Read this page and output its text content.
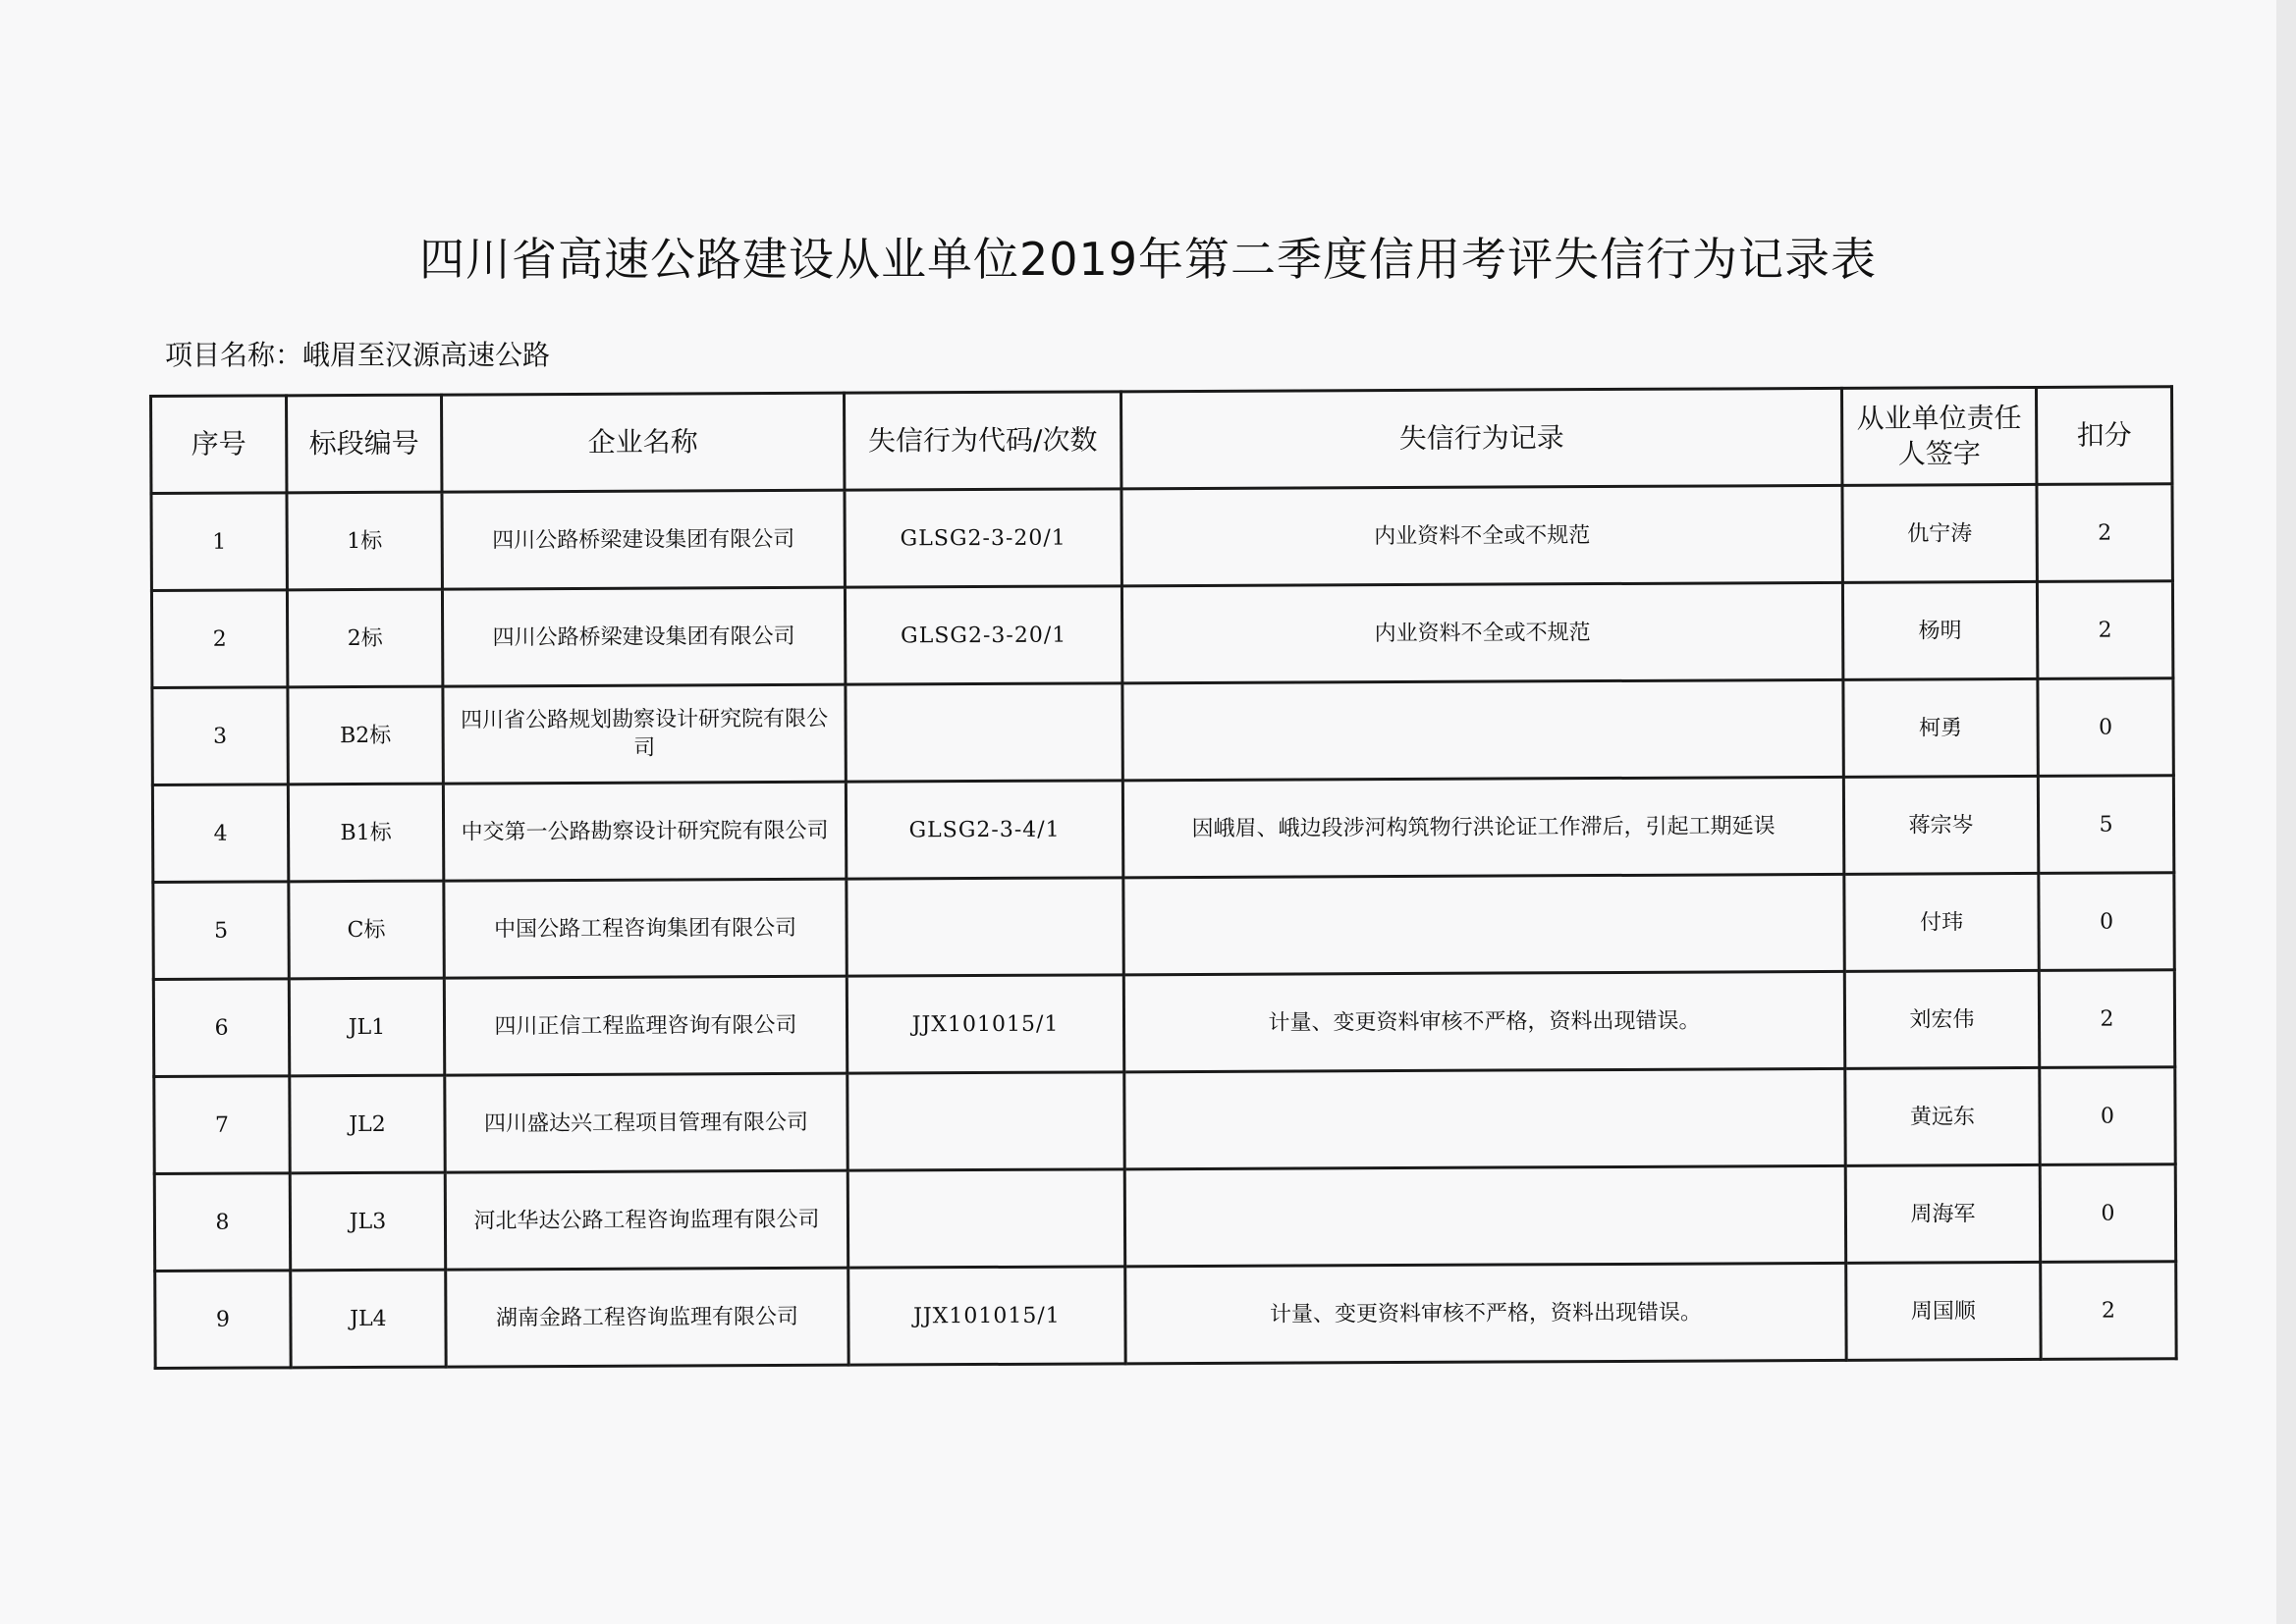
四川省高速公路建设从业单位2019年第二季度信用考评失信行为记录表
项目名称：峨眉至汉源高速公路
序号	标段编号	企业名称	失信行为代码/次数	失信行为记录	从业单位责任人签字	扣分
1	1标	四川公路桥梁建设集团有限公司	GLSG2-3-20/1	内业资料不全或不规范	仇宁涛	2
2	2标	四川公路桥梁建设集团有限公司	GLSG2-3-20/1	内业资料不全或不规范	杨明	2
3	B2标	四川省公路规划勘察设计研究院有限公司			柯勇	0
4	B1标	中交第一公路勘察设计研究院有限公司	GLSG2-3-4/1	因峨眉、峨边段涉河构筑物行洪论证工作滞后，引起工期延误	蒋宗岑	5
5	C标	中国公路工程咨询集团有限公司			付玮	0
6	JL1	四川正信工程监理咨询有限公司	JJX101015/1	计量、变更资料审核不严格，资料出现错误。	刘宏伟	2
7	JL2	四川盛达兴工程项目管理有限公司			黄远东	0
8	JL3	河北华达公路工程咨询监理有限公司			周海军	0
9	JL4	湖南金路工程咨询监理有限公司	JJX101015/1	计量、变更资料审核不严格，资料出现错误。	周国顺	2
